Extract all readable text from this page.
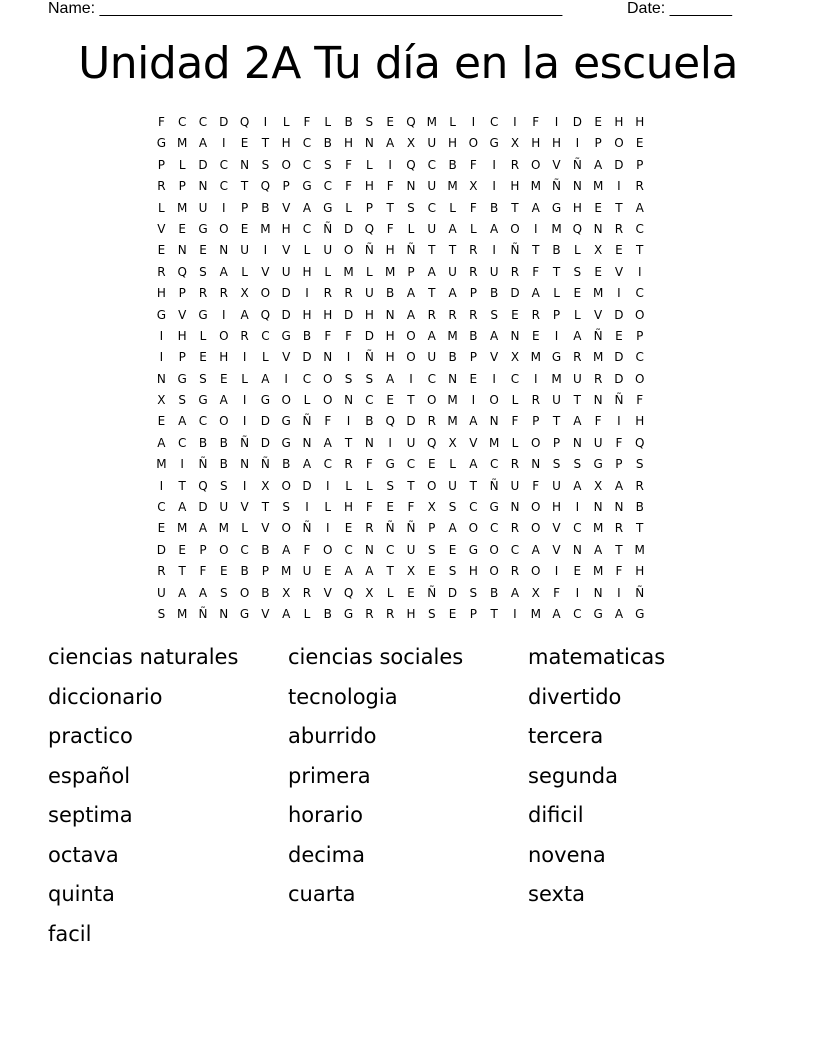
Name: ____________________________________________________	Date: _______
Unidad 2A Tu día en la escuela
F	C	C D Q	I	L	F	L	B	S	E	Q M	L	I	C	I	F	I	D	E	H H
G M A	I	E	T	H	C	B	H N	A	X	U H O G	X	H H	I	P	O	E
P	L	D C	N	S	O C	S	F	L	I	Q C	B	F	I	R O V	Ñ	A	D	P
R	P	N	C	T	Q	P	G C	F	H	F	N U M X	I	H M Ñ N M	I	R
L	M U	I	P	B	V	A	G	L	P	T	S	C	L	F	B	T	A	G H	E	T	A
V	E	G O	E M H	C	Ñ D Q	F	L	U	A	L	A O	I	M Q N	R	C
E	N	E	N U	I	V	L	U O Ñ H Ñ	T	T	R	I	Ñ	T	B	L	X	E	T
R Q	S	A	L	V	U H	L	M	L	M P	A	U	R	U	R	F	T	S	E	V	I
H	P	R	R	X O D	I	R	R	U	B	A	T	A	P	B	D	A	L	E M	I	C
G	V	G	I	A Q D H H D H N	A	R	R	R	S	E	R	P	L	V	D O
I	H	L	O R	C G	B	F	F	D H O A M B	A	N	E	I	A	Ñ	E	P
I	P	E	H	I	L	V	D N	I	Ñ H O U	B	P	V	X M G R M D C
N G	S	E	L	A	I	C O	S	S	A	I	C	N	E	I	C	I	M U	R	D O
X	S	G	A	I	G O	L	O N	C	E	T	O M	I	O	L	R	U	T	N Ñ	F
E	A	C O	I	D G Ñ	F	I	B Q D	R M A	N	F	P	T	A	F	I	H
A	C	B	B	Ñ D G N	A	T	N	I	U Q X	V M	L	O	P	N U	F	Q
M	I	Ñ	B	N Ñ	B	A	C	R	F	G C	E	L	A	C	R	N	S	S	G	P	S
I	T	Q	S	I	X O D	I	L	L	S	T	O U	T	Ñ U	F	U	A	X	A	R
C	A	D U	V	T	S	I	L	H	F	E	F	X	S	C G N O H	I	N N	B
E M A M	L	V O Ñ	I	E	R	Ñ Ñ	P	A O C	R O V	C M R	T
D	E	P	O C	B	A	F	O C	N	C	U	S	E	G O C	A	V	N	A	T M
R	T	F	E	B	P	M U	E	A	A	T	X	E	S	H O R O	I	E M	F	H
U	A	A	S	O B	X	R	V Q X	L	E	Ñ D	S	B	A	X	F	I	N	I	Ñ
S M Ñ N G	V	A	L	B	G R	R	H	S	E	P	T	I	M A	C G	A	G
ciencias naturales	ciencias sociales	matematicas
diccionario	tecnologia	divertido
practico	aburrido	tercera
español	primera	segunda
septima	horario	dificil
octava	decima	novena
quinta	cuarta	sexta
facil
